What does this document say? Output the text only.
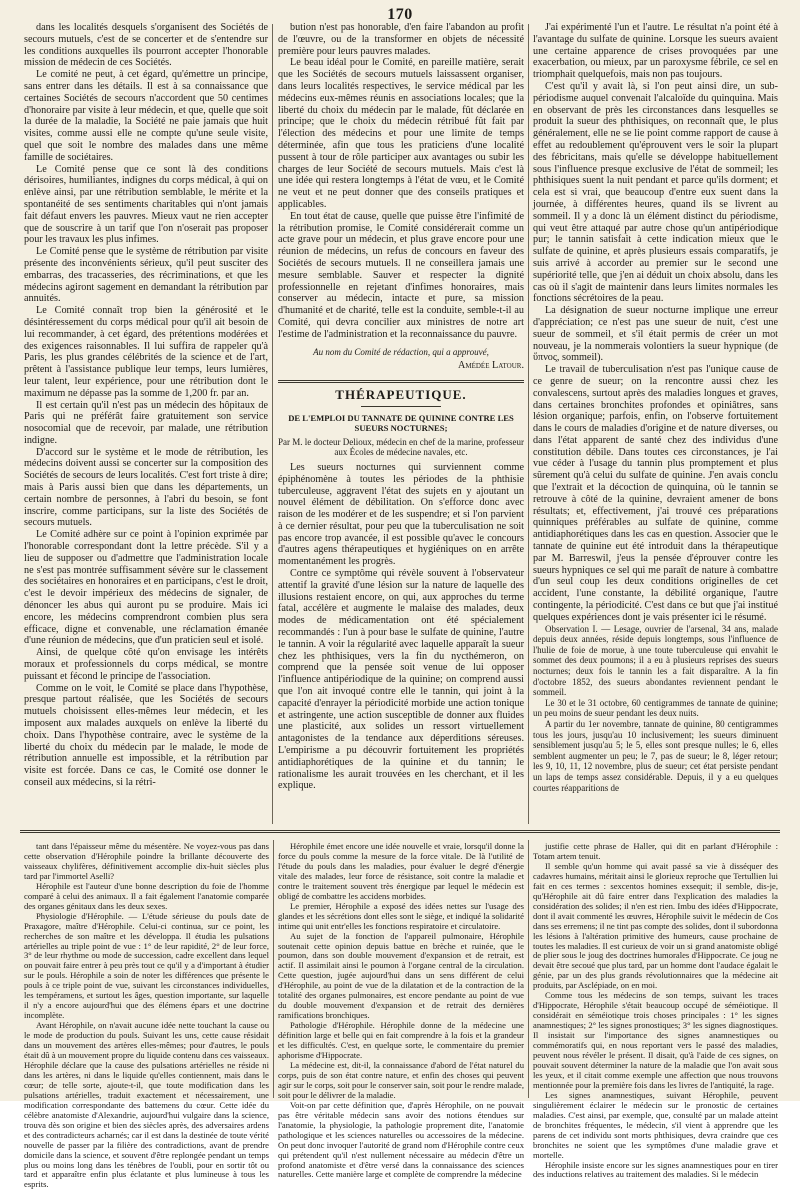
170

dans les localités desquels s'organisent des Sociétés de secours mutuels, c'est de se concerter et de s'entendre sur les conditions auxquelles ils pourront accepter l'honorable mission de médecin de ces Sociétés.

Le comité ne peut, à cet égard, qu'émettre un principe, sans entrer dans les détails. Il est à sa connaissance que certaines Sociétés de secours n'accordent que 50 centimes d'honoraire par visite à leur médecin, et que, quelle que soit la durée de la maladie, la Société ne paie jamais que huit visites, comme aussi elle ne compte qu'une seule visite, quel que soit le nombre des malades dans une même famille de sociétaires.

Le Comité pense que ce sont là des conditions dérisoires, humiliantes, indignes du corps médical, à qui on enlève ainsi, par une rétribution semblable, le mérite et la spontanéité de ses sentiments charitables qui n'ont jamais fait défaut envers les pauvres. Mieux vaut ne rien accepter que de souscrire à un tarif que l'on n'oserait pas proposer pour les travaux les plus infimes.

Le Comité pense que le système de rétribution par visite présente des inconvénients sérieux, qu'il peut susciter des embarras, des tracasseries, des récriminations, et que les médecins agiront sagement en demandant la rétribution par annuités.

Le Comité connaît trop bien la générosité et le désintéressement du corps médical pour qu'il ait besoin de lui recommander, à cet égard, des prétentions modérées et des exigences raisonnables. Il lui suffira de rappeler qu'à Paris, les plus grandes célébrités de la science et de l'art, prêtent à l'assistance publique leur temps, leurs lumières, leur talent, leur expérience, pour une rétribution dont le maximum ne dépasse pas la somme de 1,200 fr. par an.

Il est certain qu'il n'est pas un médecin des hôpitaux de Paris qui ne préférât faire gratuitement son service nosocomial que de recevoir, par malade, une rétribution indigne.

D'accord sur le système et le mode de rétribution, les médecins doivent aussi se concerter sur la composition des Sociétés de secours de leurs localités. C'est fort triste à dire; mais à Paris aussi bien que dans les départements, un certain nombre de personnes, à l'abri du besoin, se font inscrire, comme participans, sur la liste des Sociétés de secours mutuels.

Le Comité adhère sur ce point à l'opinion exprimée par l'honorable correspondant dont la lettre précède. S'il y a lieu de supposer ou d'admettre que l'administration locale ne s'est pas montrée suffisamment sévère sur le classement des sociétaires en honoraires et en participans, c'est le droit, c'est le devoir impérieux des médecins de signaler, de dénoncer les abus qui auront pu se produire. Mais ici encore, les médecins comprendront combien plus sera efficace, digne et convenable, une réclamation émanée d'une réunion de médecins, que d'un praticien seul et isolé.

Ainsi, de quelque côté qu'on envisage les intérêts moraux et professionnels du corps médical, se montre puissant et fécond le principe de l'association.

Comme on le voit, le Comité se place dans l'hypothèse, presque partout réalisée, que les Sociétés de secours mutuels choisissent elles-mêmes leur médecin, et les imposent aux malades auxquels on enlève la liberté du choix. Dans l'hypothèse contraire, avec le système de la liberté du choix du médecin par le malade, le mode de rétribution annuelle est impossible, et la rétribution par visite est forcée. Dans ce cas, le Comité ose donner le conseil aux médecins, si la rétri-

bution n'est pas honorable, d'en faire l'abandon au profit de l'œuvre, ou de la transformer en objets de nécessité première pour leurs pauvres malades.

Le beau idéal pour le Comité, en pareille matière, serait que les Sociétés de secours mutuels laissassent organiser, dans leurs localités respectives, le service médical par les médecins eux-mêmes réunis en associations locales; que la liberté du choix du médecin par le malade, fût déclarée en principe; que le choix du médecin rétribué fût fait par l'élection des médecins et pour une limite de temps déterminée, afin que tous les praticiens d'une localité pussent à tour de rôle participer aux avantages ou subir les charges de leur Société de secours mutuels. Mais c'est là une idée qui restera longtemps à l'état de vœu, et le Comité ne veut et ne peut donner que des conseils pratiques et applicables.

En tout état de cause, quelle que puisse être l'infimité de la rétribution promise, le Comité considérerait comme un acte grave pour un médecin, et plus grave encore pour une réunion de médecins, un refus de concours en faveur des Sociétés de secours mutuels. Il ne conseillera jamais une mesure semblable. Sauver et respecter la dignité professionnelle en rejetant d'infimes honoraires, mais conserver au médecin, intacte et pure, sa mission d'humanité et de charité, telle est la conduite, semble-t-il au Comité, qui devra concilier aux ministres de notre art l'estime de l'administration et la reconnaissance du pauvre.

Au nom du Comité de rédaction, qui a approuvé,

Amédée Latour.

THÉRAPEUTIQUE.

DE L'EMPLOI DU TANNATE DE QUININE CONTRE LES SUEURS NOCTURNES;

Par M. le docteur Delioux, médecin en chef de la marine, professeur aux Écoles de médecine navales, etc.

Les sueurs nocturnes qui surviennent comme épiphénomène à toutes les périodes de la phthisie tuberculeuse, aggravent l'état des sujets en y ajoutant un nouvel élément de débilitation. On s'efforce donc avec raison de les modérer et de les suspendre; et si l'on parvient à ce dernier résultat, pour peu que la tuberculisation ne soit pas encore trop avancée, il est possible qu'avec le concours d'autres agens thérapeutiques et hygiéniques on en arrête momentanément les progrès.

Contre ce symptôme qui révèle souvent à l'observateur attentif la gravité d'une lésion sur la nature de laquelle des illusions restaient encore, on qui, aux approches du terme fatal, accélère et augmente le malaise des malades, deux modes de médicamentation ont été spécialement recommandés : l'un à pour base le sulfate de quinine, l'autre le tannin. A voir la régularité avec laquelle apparaît la sueur chez les phthisiques, vers la fin du nycthémeron, on comprend que la pensée soit venue de lui opposer l'influence antipériodique de la quinine; on comprend aussi que l'on ait invoqué contre elle le tannin, qui joint à la capacité d'enrayer la périodicité morbide une action tonique et astringente, une action susceptible de donner aux fluides une plasticité, aux solides un ressort virtuellement antagonistes de la tendance aux déperditions séreuses. L'empirisme a pu découvrir fortuitement les propriétés antidiaphorétiques de la quinine et du tannin; le rationalisme les aurait trouvées en les cherchant, et il les explique.

J'ai expérimenté l'un et l'autre. Le résultat n'a point été à l'avantage du sulfate de quinine. Lorsque les sueurs avaient une certaine apparence de crises provoquées par une exacerbation, ou mieux, par un paroxysme fébrile, ce sel en triomphait quelquefois, mais non pas toujours.

C'est qu'il y avait là, si l'on peut ainsi dire, un sub-périodisme auquel convenait l'alcaloïde du quinquina. Mais en observant de près les circonstances dans lesquelles se produit la sueur des phthisiques, on reconnaît que, le plus généralement, elle ne se lie point comme rapport de cause à effet au redoublement qu'éprouvent vers le soir la plupart des fébricitans, mais qu'elle se développe habituellement sous l'influence presque exclusive de l'état de sommeil; les phthisiques suent la nuit pendant et parce qu'ils dorment; et cela est si vrai, que beaucoup d'entre eux suent dans la journée, à différentes heures, quand ils se livrent au sommeil. Il y a donc là un élément distinct du périodisme, qui veut être attaqué par autre chose qu'un antipériodique pur; le tannin satisfait à cette indication mieux que le sulfate de quinine, et après plusieurs essais comparatifs, je suis arrivé à accorder au premier sur le second une supériorité telle, que j'en ai déduit un choix absolu, dans les cas où il s'agit de maintenir dans leurs limites normales les fonctions sécrétoires de la peau.

La désignation de sueur nocturne implique une erreur d'appréciation; ce n'est pas une sueur de nuit, c'est une sueur de sommeil, et s'il était permis de créer un mot nouveau, je la nommerais volontiers la sueur hypnique (de ὕπνος, sommeil).

Le travail de tuberculisation n'est pas l'unique cause de ce genre de sueur; on la rencontre aussi chez les convalescens, surtout après des maladies longues et graves, dans certaines bronchites profondes et opiniâtres, sans lésion organique; parfois, enfin, on l'observe fortuitement dans le cours de maladies d'origine et de nature diverses, ou dans l'état apparent de santé chez des individus d'une constitution débile. Dans toutes ces circonstances, je l'ai vue céder à l'usage du tannin plus promptement et plus sûrement qu'à celui du sulfate de quinine. J'en avais conclu que l'extrait et la décoction de quinquina, où le tannin se retrouve à côté de la quinine, devraient amener de bons résultats; et, effectivement, j'ai trouvé ces préparations quinniques préférables au sulfate de quinine, comme antidiaphorétiques dans les cas en question. Associer que le tannate de quinine eut été introduit dans la thérapeutique par M. Barreswil, j'eus la pensée d'éprouver contre les sueurs hypniques ce sel qui me paraît de nature à combattre d'un seul coup les deux conditions originelles de cet accident, l'une constante, la débilité organique, l'autre contingente, la périodicité. C'est dans ce but que j'ai institué quelques expériences dont je vais présenter ici le résumé.

Observation I. — Lesage, ouvrier de l'arsenal, 34 ans, malade depuis deux années, réside depuis longtemps, sous l'influence de l'hulie de foie de morue, à une toute tuberculeuse qui envahit le sommet des deux poumons; il a eu à plusieurs reprises des sueurs nocturnes; deux fois le tannin les a fait disparaître. A la fin d'octobre 1852, des sueurs abondantes reviennent pendant le sommeil.

Le 30 et le 31 octobre, 60 centigrammes de tannate de quinine; un peu moins de sueur pendant les deux nuits.

A partir du 1er novembre, tannate de quinine, 80 centigrammes tous les jours, jusqu'au 10 inclusivement; les sueurs diminuent sensiblement jusqu'au 5; le 5, elles sont presque nulles; le 6, elles semblent augmenter un peu; le 7, pas de sueur; le 8, léger retour; les 9, 10, 11, 12 novembre, plus de sueur; cet état persiste pendant un laps de temps assez considérable. Depuis, il y a eu quelques courtes réapparitions de

tant dans l'épaisseur même du mésentère. Ne voyez-vous pas dans cette observation d'Hérophile poindre la brillante découverte des vaisseaux chylifères, définitivement accomplie dix-huit siècles plus tard par l'immortel Aselli?

Hérophile est l'auteur d'une bonne description du foie de l'homme comparé à celui des animaux. Il a fait également l'anatomie comparée des organes génitaux dans les deux sexes.

Physiologie d'Hérophile. — L'étude sérieuse du pouls date de Praxagore, maître d'Hérophile. Celui-ci continua, sur ce point, les recherches de son maître et les développa. Il étudia les pulsations artérielles au triple point de vue : 1° de leur rapidité, 2° de leur force, 3° de leur rhythme ou mode de succession, cadre excellent dans lequel on pouvait faire entrer à peu près tout ce qu'il y a d'important à étudier sur le pouls. Hérophile a soin de noter les différences que présente le pouls à ce triple point de vue, suivant les circonstances individuelles, les tempéramens, et surtout les âges, question importante, sur laquelle il n'y a encore aujourd'hui que des élémens épars et une doctrine incomplète.

Avant Hérophile, on n'avait aucune idée nette touchant la cause ou le mode de production du pouls. Suivant les uns, cette cause résidait dans un mouvement des artères elles-mêmes; pour d'autres, le pouls était dû à un mouvement propre du liquide contenu dans ces vaisseaux. Hérophile déclare que la cause des pulsations artérielles ne réside ni dans les artères, ni dans le liquide qu'elles contiennent, mais dans le cœur; de telle sorte, ajoute-t-il, que toute modification dans les pulsations artérielles, traduit exactement et nécessairement, une modification correspondante des battemens du cœur. Cette idée du célèbre anatomiste d'Alexandrie, aujourd'hui vulgaire dans la science, trouva dès son origine et bien des siècles après, des adversaires ardens et des contradicteurs acharnés; car il est dans la destinée de toute vérité nouvelle de passer par la filière des contradictions, avant de prendre domicile dans la science, et souvent d'être replongée pendant un temps plus ou moins long dans les ténèbres de l'oubli, pour en sortir tôt ou tard et apparaître enfin plus éclatante et plus lumineuse à tous les esprits.

Hérophile émet encore une idée nouvelle et vraie, lorsqu'il donne la force du pouls comme la mesure de la force vitale. De là l'utilité de l'étude du pouls dans les maladies, pour évaluer le degré d'énergie vitale des malades, leur force de résistance, soit contre la maladie et contre le traitement souvent très énergique par lequel le médecin est obligé de combattre les accidens morbides.

Le premier, Hérophile a exposé des idées nettes sur l'usage des glandes et les sécrétions dont elles sont le siège, et indiqué la solidarité intime qui unit entr'elles les fonctions respiratoire et circulatoire.

Au sujet de la fonction de l'appareil pulmonaire, Hérophile soutenait cette opinion depuis battue en brèche et ruinée, que le poumon, dans son double mouvement d'expansion et de retrait, est actif. Il assimilait ainsi le poumon à l'organe central de la circulation. Cette question, jugée aujourd'hui dans un sens différent de celui d'Hérophile, au point de vue de la dilatation et de la contraction de la totalité des organes pulmonaires, est encore pendante au point de vue du double mouvement d'expansion et de retrait des dernières ramifications bronchiques.

Pathologie d'Hérophile. Hérophile donne de la médecine une définition large et belle qui en fait comprendre à la fois et la grandeur et les difficultés. C'est, en quelque sorte, le commentaire du premier aphorisme d'Hippocrate.

La médecine est, dit-il, la connaissance d'abord de l'état naturel du corps, puis de son état contre nature, et enfin des choses qui peuvent agir sur le corps, soit pour le conserver sain, soit pour le rendre malade, soit pour le délivrer de la maladie.

Voit-on par cette définition que, d'après Hérophile, on ne pouvait pas être véritable médecin sans avoir des notions étendues sur l'anatomie, la physiologie, la pathologie proprement dite, l'anatomie pathologique et les sciences naturelles ou accessoires de la médecine. On peut donc invoquer l'autorité de grand nom d'Hérophile contre ceux qui prétendent qu'il n'est nullement nécessaire au médecin d'être un profond anatomiste et d'être versé dans la connaissance des sciences naturelles. Cette manière large et complète de comprendre la médecine

justifie cette phrase de Haller, qui dit en parlant d'Hérophile : Totam artem tenuit.

Il semble qu'un homme qui avait passé sa vie à disséquer des cadavres humains, méritait ainsi le glorieux reproche que Tertullien lui fait en ces termes : sexcentos homines exsequit; il semble, dis-je, qu'Hérophile ait dû faire entrer dans l'explication des maladies la considération des solides; il n'en est rien. Imbu des idées d'Hippocrate, dont il avait commenté les œuvres, Hérophile suivit le médecin de Cos dans ses erremens; il ne tint pas compte des solides, dont il subordonna les lésions à l'altération primitive des humeurs, cause prochaine de toutes les maladies. Il est curieux de voir un si grand anatomiste obligé de plier sous le joug des doctrines humorales d'Hippocrate. Ce joug ne devait être secoué que plus tard, par un homme dont l'audace égalait le génie, par un des plus grands révolutionnaires que la médecine ait produits, par Asclépiade, on en moi.

Comme tous les médecins de son temps, suivant les traces d'Hippocrate, Hérophile s'était beaucoup occupé de séméiotique. Il considérait en séméiotique trois choses principales : 1° les signes anamnestiques; 2° les signes pronostiques; 3° les signes diagnostiques. Il insistait sur l'importance des signes anamnestiques ou commémoratifs qui, en nous reportant vers le passé des maladies, peuvent nous révéler le présent. Il disait, qu'à l'aide de ces signes, on pouvait souvent déterminer la nature de la maladie que l'on avait sous les yeux, et il citait comme exemple une affection que nous trouvons mentionnée pour la première fois dans les livres de l'antiquité, la rage.

Les signes anamnestiques, suivant Hérophile, peuvent singulièrement éclairer le médecin sur le pronostic de certaines maladies. C'est ainsi, par exemple, que, consulté par un malade atteint de bronchites fréquentes, le médecin, s'il vient à apprendre que les parens de cet individu sont morts phthisiques, devra craindre que ces bronchites ne soient que les symptômes d'une maladie grave et mortelle.

Hérophile insiste encore sur les signes anamnestiques pour en tirer des inductions relatives au traitement des maladies. Si le médecin
